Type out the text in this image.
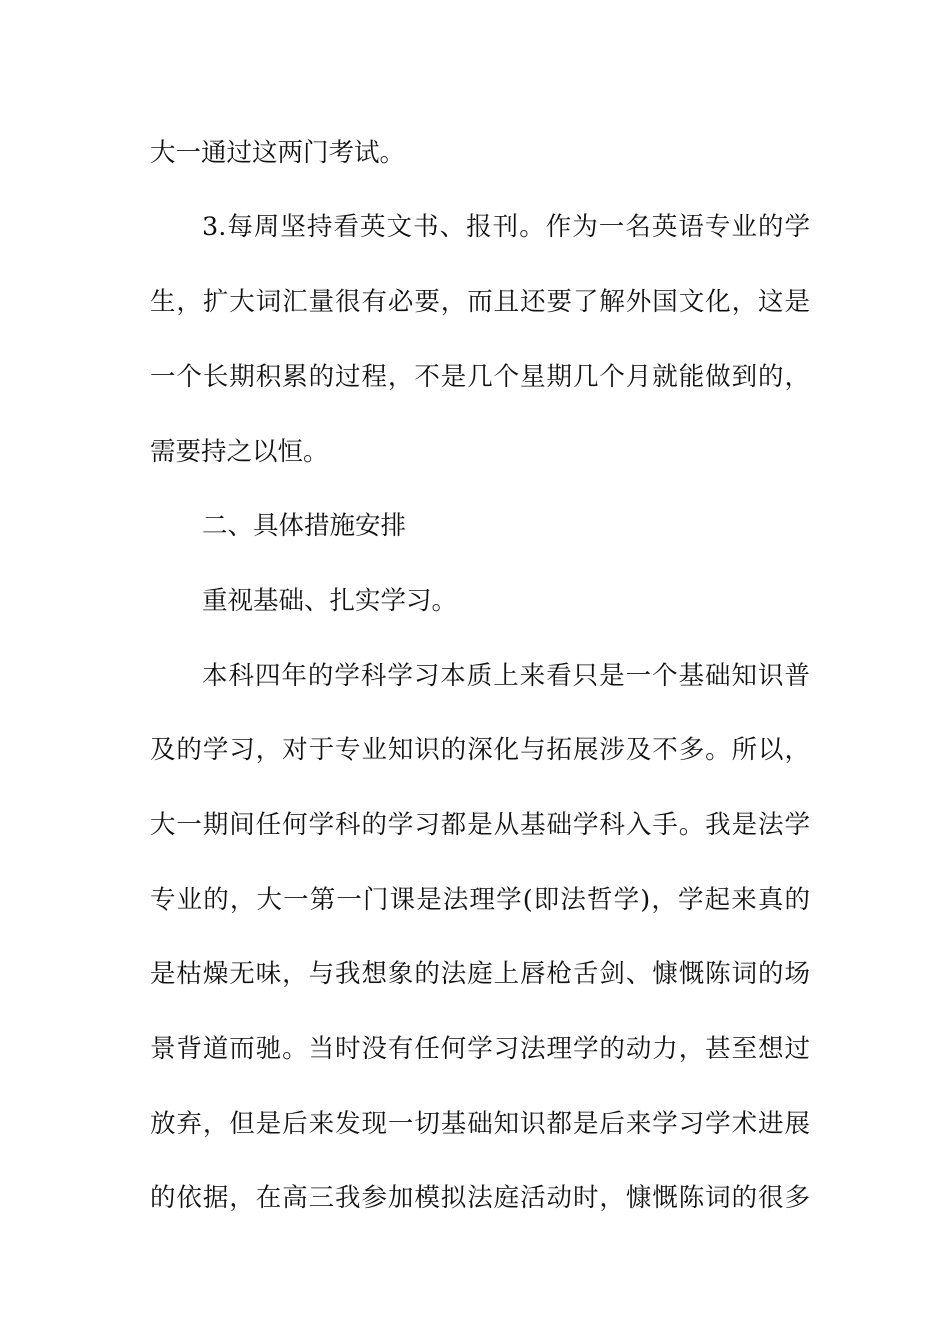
大一通过这两门考试。
3.每周坚持看英文书、报刊。作为一名英语专业的学
生，扩大词汇量很有必要，而且还要了解外国文化，这是
一个长期积累的过程，不是几个星期几个月就能做到的，
需要持之以恒。
二、具体措施安排
重视基础、扎实学习。
本科四年的学科学习本质上来看只是一个基础知识普
及的学习，对于专业知识的深化与拓展涉及不多。所以，
大一期间任何学科的学习都是从基础学科入手。我是法学
专业的，大一第一门课是法理学(即法哲学)，学起来真的
是枯燥无味，与我想象的法庭上唇枪舌剑、慷慨陈词的场
景背道而驰。当时没有任何学习法理学的动力，甚至想过
放弃，但是后来发现一切基础知识都是后来学习学术进展
的依据，在高三我参加模拟法庭活动时，慷慨陈词的很多
